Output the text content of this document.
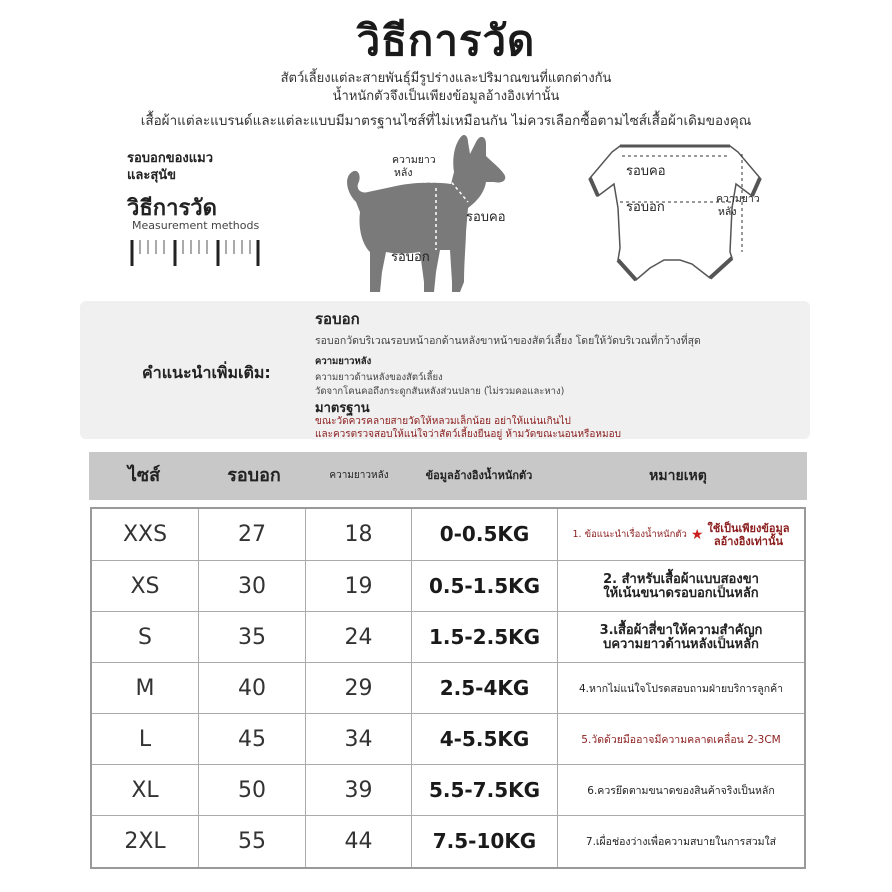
วิธีการวัด
สัตว์เลี้ยงแต่ละสายพันธุ์มีรูปร่างและปริมาณขนที่แตกต่างกัน
น้ำหนักตัวจึงเป็นเพียงข้อมูลอ้างอิงเท่านั้น
เสื้อผ้าแต่ละแบรนด์และแต่ละแบบมีมาตรฐานไซส์ที่ไม่เหมือนกัน ไม่ควรเลือกซื้อตามไซส์เสื้อผ้าเดิมของคุณ
รอบอกของแมว
และสุนัข
วิธีการวัด
Measurement methods
ความยาว
หลัง
รอบคอ
รอบอก
รอบคอ
รอบอก
ความยาว
หลัง
คำแนะนำเพิ่มเติม:
รอบอก
รอบอกวัดบริเวณรอบหน้าอกด้านหลังขาหน้าของสัตว์เลี้ยง โดยให้วัดบริเวณที่กว้างที่สุด
ความยาวหลัง
ความยาวด้านหลังของสัตว์เลี้ยง
วัดจากโคนคอถึงกระดูกสันหลังส่วนปลาย (ไม่รวมคอและหาง)
มาตรฐาน
ขณะวัดควรคลายสายวัดให้หลวมเล็กน้อย อย่าให้แน่นเกินไป
และควรตรวจสอบให้แน่ใจว่าสัตว์เลี้ยงยืนอยู่ ห้ามวัดขณะนอนหรือหมอบ
ไซส์	รอบอก	ความยาวหลัง	ข้อมูลอ้างอิงน้ำหนักตัว	หมายเหตุ
XXS	27	18	0-0.5KG	1. ข้อแนะนำเรื่องน้ำหนักตัว ★ ใช้เป็นเพียงข้อมูล
ลอ้างอิงเท่านั้น
XS	30	19	0.5-1.5KG	2. สำหรับเสื้อผ้าแบบสองขา
ให้เน้นขนาดรอบอกเป็นหลัก
S	35	24	1.5-2.5KG	3.เสื้อผ้าสี่ขาให้ความสำคัญก
บความยาวด้านหลังเป็นหลัก
M	40	29	2.5-4KG	4.หากไม่แน่ใจโปรดสอบถามฝ่ายบริการลูกค้า
L	45	34	4-5.5KG	5.วัดด้วยมืออาจมีความคลาดเคลื่อน 2-3CM
XL	50	39	5.5-7.5KG	6.ควรยึดตามขนาดของสินค้าจริงเป็นหลัก
2XL	55	44	7.5-10KG	7.เผื่อช่องว่างเพื่อความสบายในการสวมใส่
